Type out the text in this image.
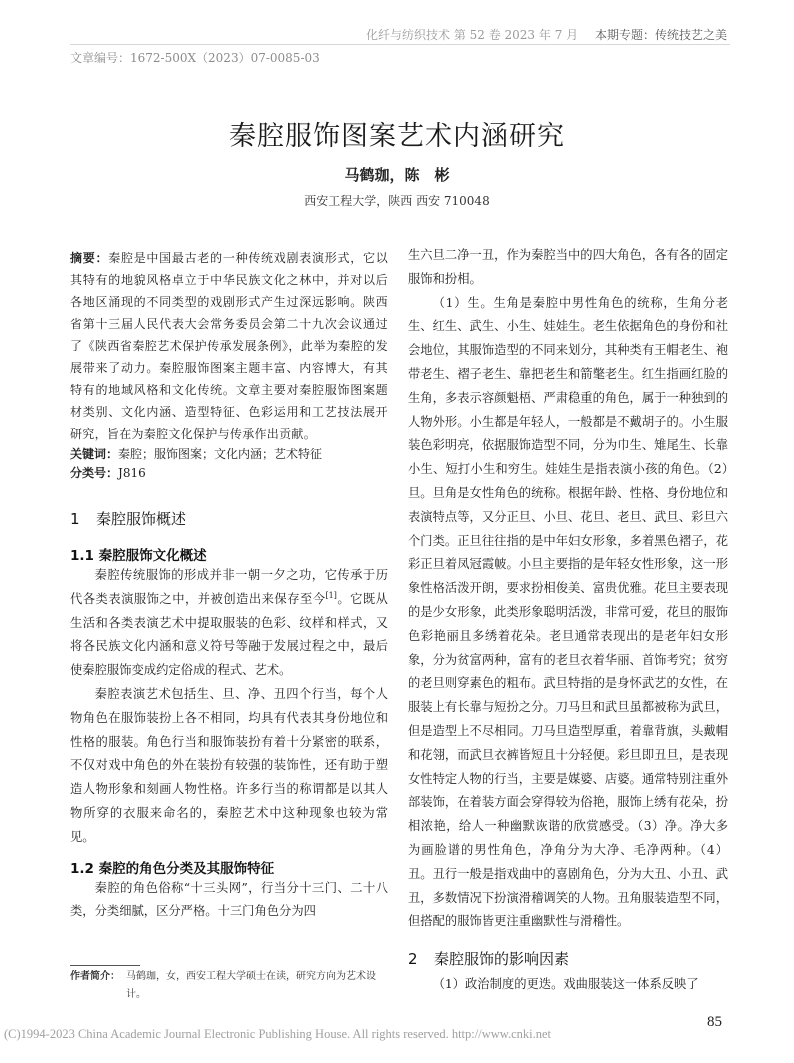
化纤与纺织技术 第 52 卷 2023 年 7 月 本期专题：传统技艺之美
文章编号：1672-500X（2023）07-0085-03
秦腔服饰图案艺术内涵研究
马鹤珈，陈　彬
西安工程大学，陕西 西安 710048

摘要：秦腔是中国最古老的一种传统戏剧表演形式，它以其特有的地貌风格卓立于中华民族文化之林中，并对以后各地区涌现的不同类型的戏剧形式产生过深远影响。陕西省第十三届人民代表大会常务委员会第二十九次会议通过了《陕西省秦腔艺术保护传承发展条例》，此举为秦腔的发展带来了动力。秦腔服饰图案主题丰富、内容博大，有其特有的地域风格和文化传统。文章主要对秦腔服饰图案题材类别、文化内涵、造型特征、色彩运用和工艺技法展开研究，旨在为秦腔文化保护与传承作出贡献。

关键词：秦腔；服饰图案；文化内涵；艺术特征

分类号：J816

1 秦腔服饰概述
1.1 秦腔服饰文化概述

秦腔传统服饰的形成并非一朝一夕之功，它传承于历代各类表演服饰之中，并被创造出来保存至今[1]。它既从生活和各类表演艺术中提取服装的色彩、纹样和样式，又将各民族文化内涵和意义符号等融于发展过程之中，最后使秦腔服饰变成约定俗成的程式、艺术。

秦腔表演艺术包括生、旦、净、丑四个行当，每个人物角色在服饰装扮上各不相同，均具有代表其身份地位和性格的服装。角色行当和服饰装扮有着十分紧密的联系，不仅对戏中角色的外在装扮有较强的装饰性，还有助于塑造人物形象和刻画人物性格。许多行当的称谓都是以其人物所穿的衣服来命名的，秦腔艺术中这种现象也较为常见。

1.2 秦腔的角色分类及其服饰特征

秦腔的角色俗称“十三头网”，行当分十三门、二十八类，分类细腻，区分严格。十三门角色分为四

生六旦二净一丑，作为秦腔当中的四大角色，各有各的固定服饰和扮相。

（1）生。生角是秦腔中男性角色的统称，生角分老生、红生、武生、小生、娃娃生。老生依据角色的身份和社会地位，其服饰造型的不同来划分，其种类有王帽老生、袍带老生、褶子老生、靠把老生和箭氅老生。红生指画红脸的生角，多表示容颜魁梧、严肃稳重的角色，属于一种独到的人物外形。小生都是年轻人，一般都是不戴胡子的。小生服装色彩明亮，依据服饰造型不同，分为巾生、雉尾生、长靠小生、短打小生和穷生。娃娃生是指表演小孩的角色。（2）旦。旦角是女性角色的统称。根据年龄、性格、身份地位和表演特点等，又分正旦、小旦、花旦、老旦、武旦、彩旦六个门类。正旦往往指的是中年妇女形象，多着黑色褶子，花彩正旦着凤冠霞帔。小旦主要指的是年轻女性形象，这一形象性格活泼开朗，要求扮相俊美、富贵优雅。花旦主要表现的是少女形象，此类形象聪明活泼，非常可爱，花旦的服饰色彩艳丽且多绣着花朵。老旦通常表现出的是老年妇女形象，分为贫富两种，富有的老旦衣着华丽、首饰考究；贫穷的老旦则穿素色的粗布。武旦特指的是身怀武艺的女性，在服装上有长靠与短扮之分。刀马旦和武旦虽都被称为武旦，但是造型上不尽相同。刀马旦造型厚重，着靠背旗，头戴帽和花翎，而武旦衣裤皆短且十分轻便。彩旦即丑旦，是表现女性特定人物的行当，主要是媒婆、店婆。通常特别注重外部装饰，在着装方面会穿得较为俗艳，服饰上绣有花朵，扮相浓艳，给人一种幽默诙谐的欣赏感受。（3）净。净大多为画脸谱的男性角色，净角分为大净、毛净两种。（4）丑。丑行一般是指戏曲中的喜剧角色，分为大丑、小丑、武丑，多数情况下扮演滑稽调笑的人物。丑角服装造型不同，但搭配的服饰皆更注重幽默性与滑稽性。

2 秦腔服饰的影响因素

（1）政治制度的更迭。戏曲服装这一体系反映了

作者简介： 马鹤珈，女，西安工程大学硕士在读，研究方向为艺术设计。
(C)1994-2023 China Academic Journal Electronic Publishing House. All rights reserved. http://www.cnki.net
85
